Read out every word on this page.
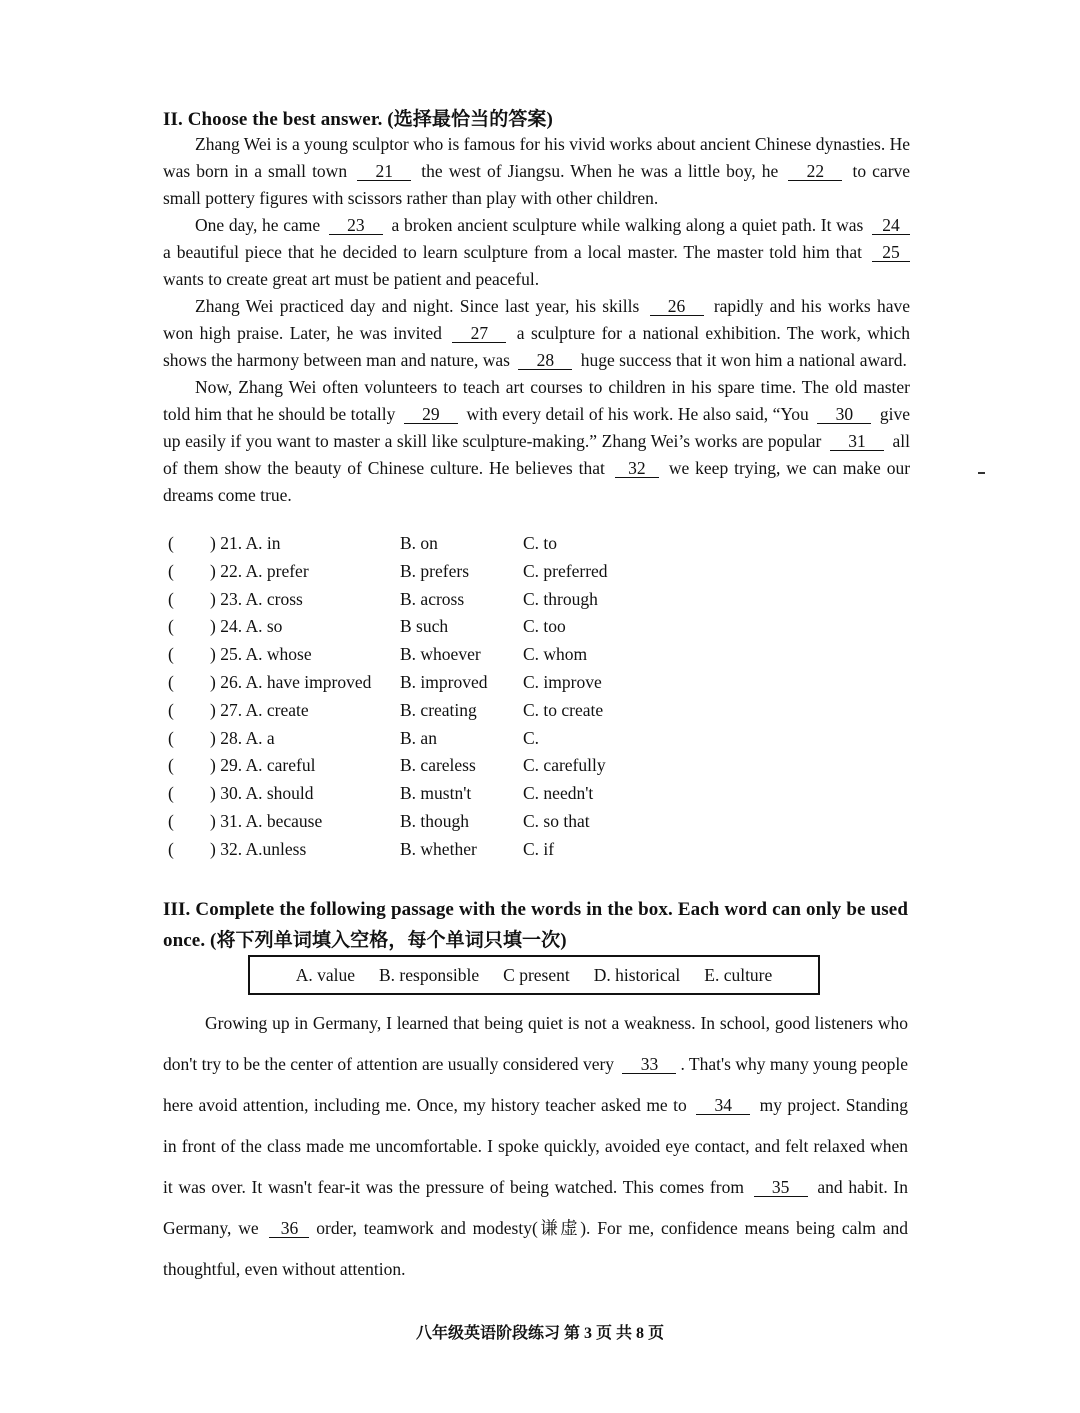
II. Choose the best answer. (选择最恰当的答案)
Zhang Wei is a young sculptor who is famous for his vivid works about ancient Chinese dynasties. He was born in a small town 21 the west of Jiangsu. When he was a little boy, he 22 to carve small pottery figures with scissors rather than play with other children.
One day, he came 23 a broken ancient sculpture while walking along a quiet path. It was 24 a beautiful piece that he decided to learn sculpture from a local master. The master told him that 25 wants to create great art must be patient and peaceful.
Zhang Wei practiced day and night. Since last year, his skills 26 rapidly and his works have won high praise. Later, he was invited 27 a sculpture for a national exhibition. The work, which shows the harmony between man and nature, was 28 huge success that it won him a national award.
Now, Zhang Wei often volunteers to teach art courses to children in his spare time. The old master told him that he should be totally 29 with every detail of his work. He also said, “You 30 give up easily if you want to master a skill like sculpture-making.” Zhang Wei’s works are popular 31 all of them show the beauty of Chinese culture. He believes that 32 we keep trying, we can make our dreams come true.
( ) 21. A. in	B. on	C. to
( ) 22. A. prefer	B. prefers	C. preferred
( ) 23. A. cross	B. across	C. through
( ) 24. A. so	B such	C. too
( ) 25. A. whose	B. whoever C. whom
( ) 26. A. have improved B. improved C. improve
( ) 27. A. create	B. creating	C. to create
( ) 28. A. a	B. an	C.
( ) 29. A. careful	B. careless	C. carefully
( ) 30. A. should	B. mustn't	C. needn't
( ) 31. A. because	B. though	C. so that
( ) 32. A.unless	B. whether	C. if
III. Complete the following passage with the words in the box. Each word can only be used once. (将下列单词填入空格，每个单词只填一次)
A. value B. responsible C present D. historical E. culture
Growing up in Germany, I learned that being quiet is not a weakness. In school, good listeners who don't try to be the center of attention are usually considered very 33 . That's why many young people here avoid attention, including me. Once, my history teacher asked me to 34 my project. Standing in front of the class made me uncomfortable. I spoke quickly, avoided eye contact, and felt relaxed when it was over. It wasn't fear-it was the pressure of being watched. This comes from 35 and habit. In Germany, we 36 order, teamwork and modesty(谦虚). For me, confidence means being calm and thoughtful, even without attention.
八年级英语阶段练习 第 3 页 共 8 页
